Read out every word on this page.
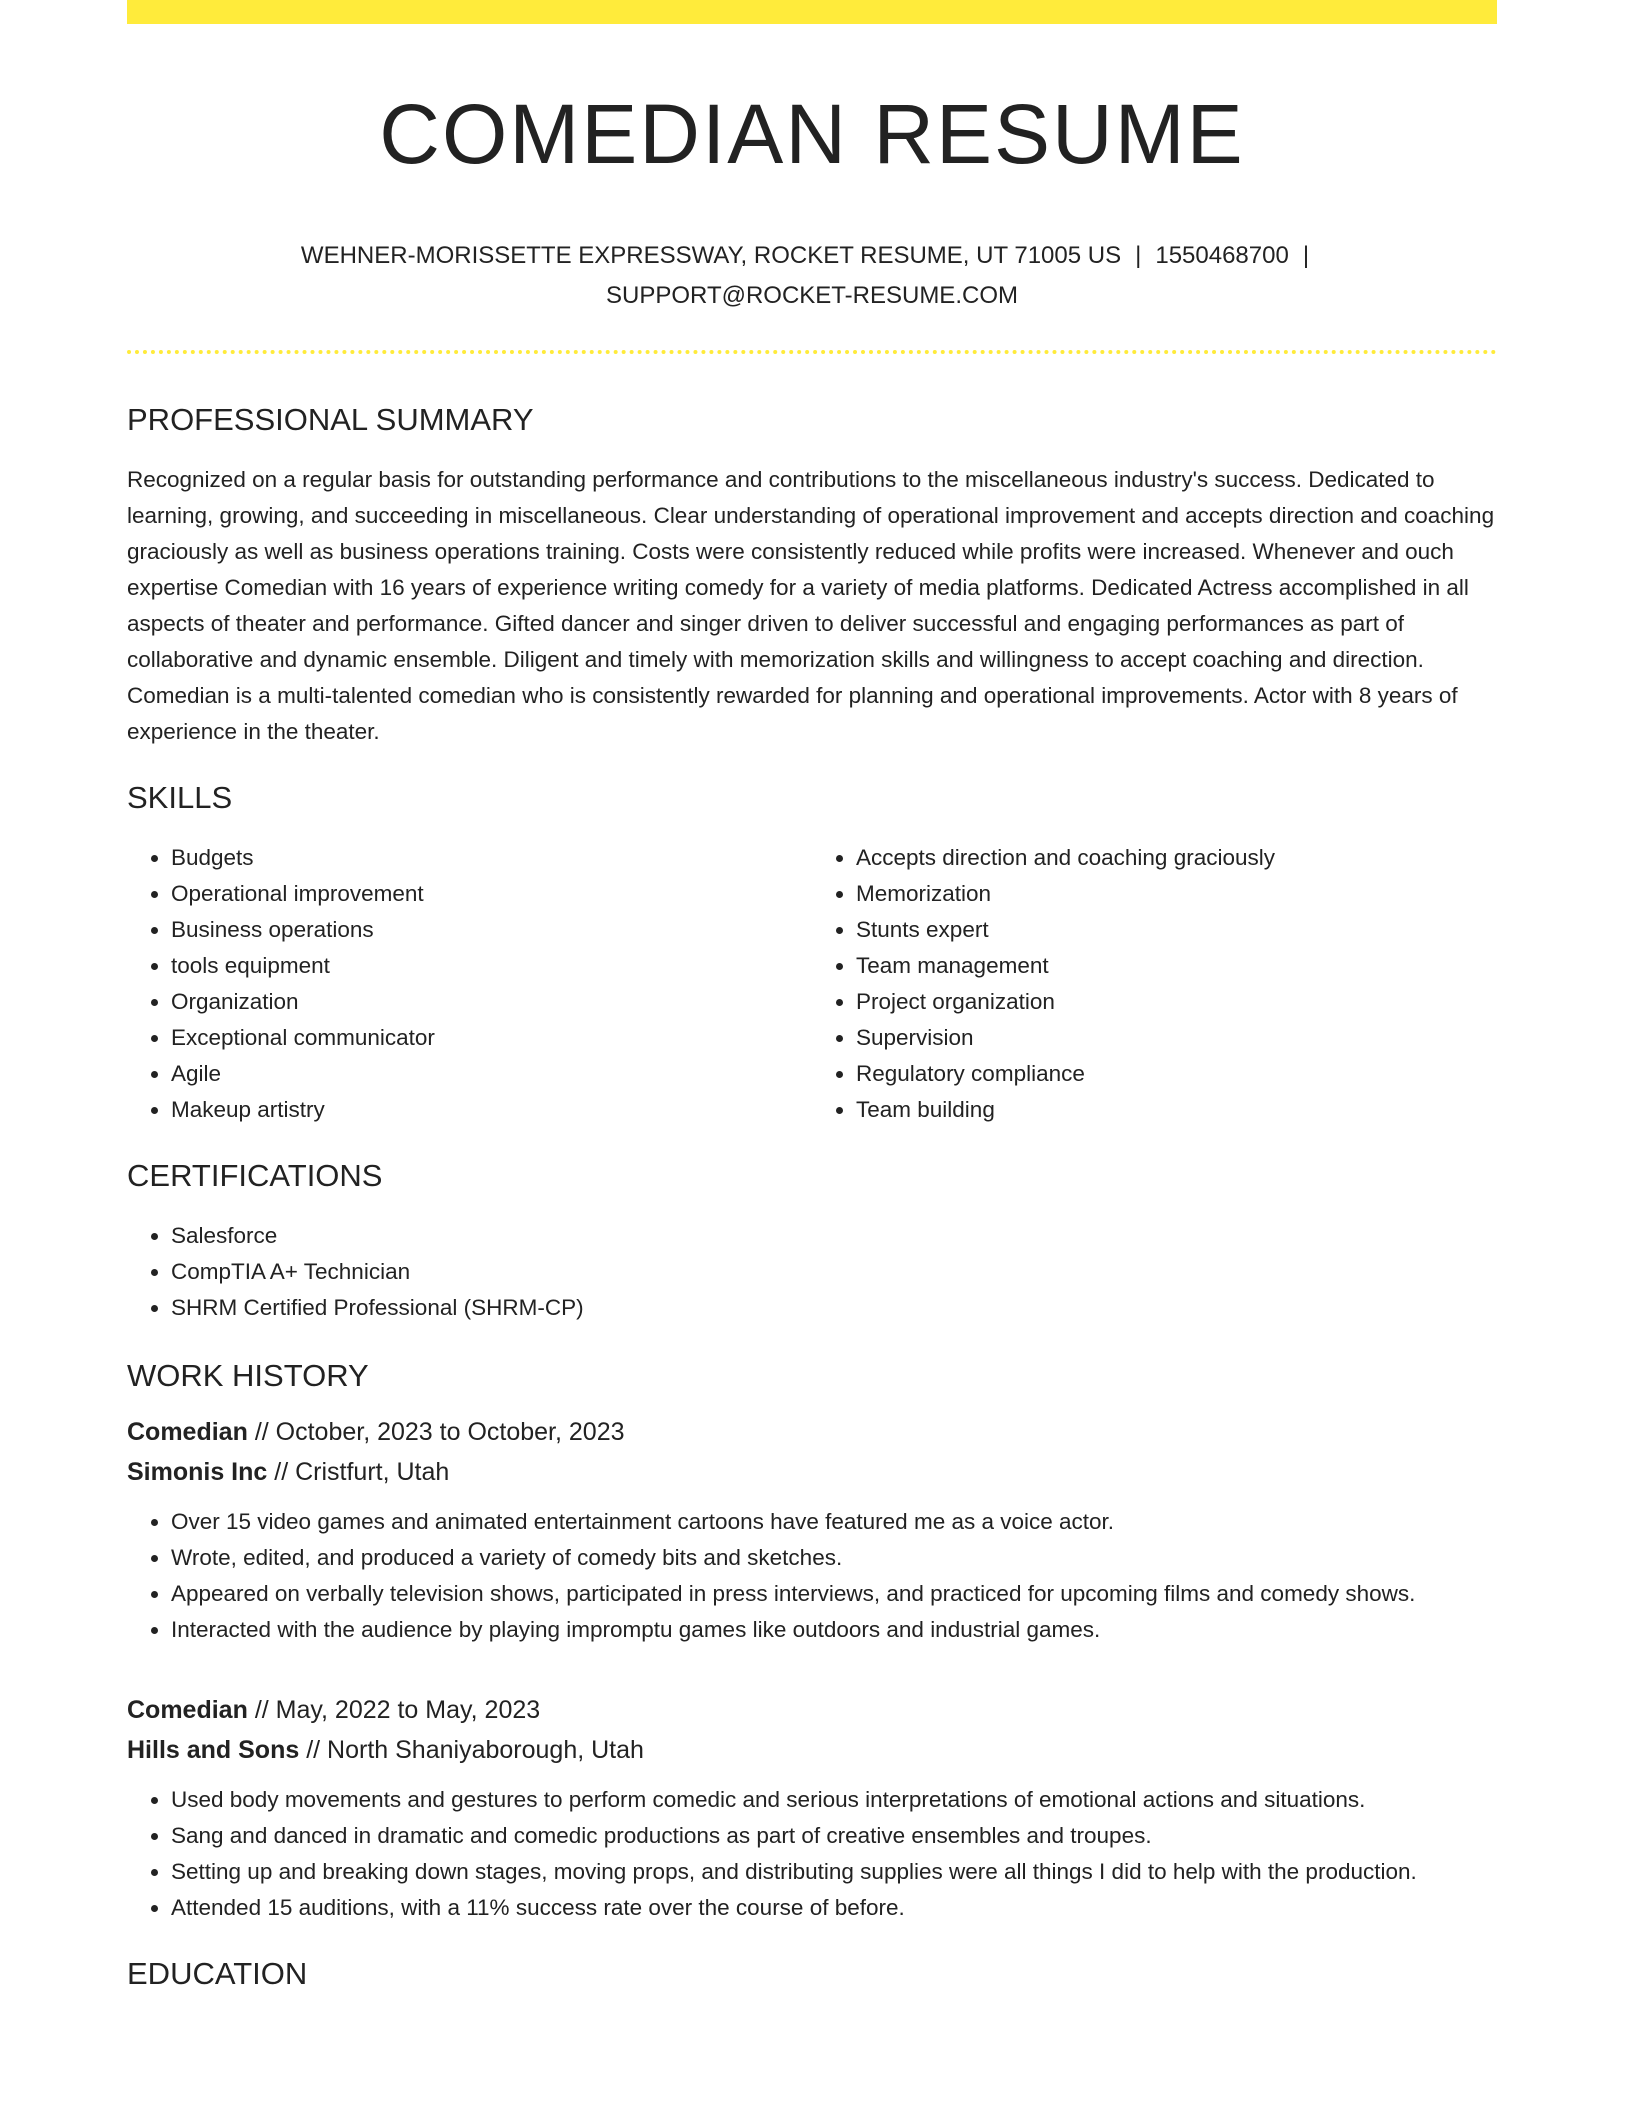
COMEDIAN RESUME
WEHNER-MORISSETTE EXPRESSWAY, ROCKET RESUME, UT 71005 US | 1550468700 |
SUPPORT@ROCKET-RESUME.COM
PROFESSIONAL SUMMARY
Recognized on a regular basis for outstanding performance and contributions to the miscellaneous industry's success. Dedicated to learning, growing, and succeeding in miscellaneous. Clear understanding of operational improvement and accepts direction and coaching graciously as well as business operations training. Costs were consistently reduced while profits were increased. Whenever and ouch expertise Comedian with 16 years of experience writing comedy for a variety of media platforms. Dedicated Actress accomplished in all aspects of theater and performance. Gifted dancer and singer driven to deliver successful and engaging performances as part of collaborative and dynamic ensemble. Diligent and timely with memorization skills and willingness to accept coaching and direction. Comedian is a multi-talented comedian who is consistently rewarded for planning and operational improvements. Actor with 8 years of experience in the theater.
SKILLS
• Budgets
• Operational improvement
• Business operations
• tools equipment
• Organization
• Exceptional communicator
• Agile
• Makeup artistry
• Accepts direction and coaching graciously
• Memorization
• Stunts expert
• Team management
• Project organization
• Supervision
• Regulatory compliance
• Team building
CERTIFICATIONS
• Salesforce
• CompTIA A+ Technician
• SHRM Certified Professional (SHRM-CP)
WORK HISTORY
Comedian // October, 2023 to October, 2023
Simonis Inc // Cristfurt, Utah
• Over 15 video games and animated entertainment cartoons have featured me as a voice actor.
• Wrote, edited, and produced a variety of comedy bits and sketches.
• Appeared on verbally television shows, participated in press interviews, and practiced for upcoming films and comedy shows.
• Interacted with the audience by playing impromptu games like outdoors and industrial games.
Comedian // May, 2022 to May, 2023
Hills and Sons // North Shaniyaborough, Utah
• Used body movements and gestures to perform comedic and serious interpretations of emotional actions and situations.
• Sang and danced in dramatic and comedic productions as part of creative ensembles and troupes.
• Setting up and breaking down stages, moving props, and distributing supplies were all things I did to help with the production.
• Attended 15 auditions, with a 11% success rate over the course of before.
EDUCATION
